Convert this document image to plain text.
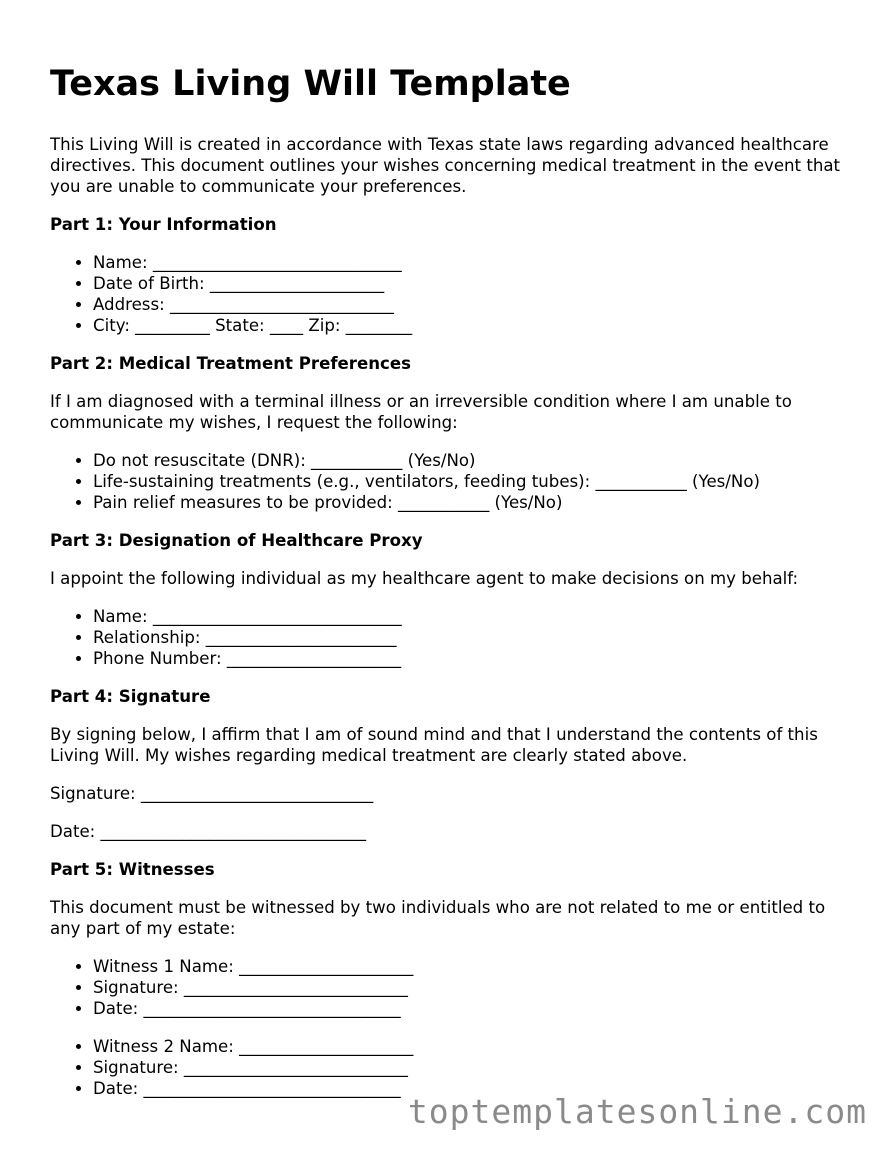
Texas Living Will Template

This Living Will is created in accordance with Texas state laws regarding advanced healthcare directives. This document outlines your wishes concerning medical treatment in the event that you are unable to communicate your preferences.

Part 1: Your Information
• Name: ______________________________
• Date of Birth: _____________________
• Address: ___________________________
• City: _________ State: ____ Zip: ________
Part 2: Medical Treatment Preferences

If I am diagnosed with a terminal illness or an irreversible condition where I am unable to communicate my wishes, I request the following:

• Do not resuscitate (DNR): ___________ (Yes/No)
• Life-sustaining treatments (e.g., ventilators, feeding tubes): ___________ (Yes/No)
• Pain relief measures to be provided: ___________ (Yes/No)
Part 3: Designation of Healthcare Proxy

I appoint the following individual as my healthcare agent to make decisions on my behalf:

• Name: ______________________________
• Relationship: _______________________
• Phone Number: _____________________
Part 4: Signature

By signing below, I affirm that I am of sound mind and that I understand the contents of this Living Will. My wishes regarding medical treatment are clearly stated above.

Signature: ____________________________

Date: ________________________________

Part 5: Witnesses

This document must be witnessed by two individuals who are not related to me or entitled to any part of my estate:

• Witness 1 Name: _____________________
• Signature: ___________________________
• Date: _______________________________
• Witness 2 Name: _____________________
• Signature: ___________________________
• Date: _______________________________
toptemplatesonline.com
